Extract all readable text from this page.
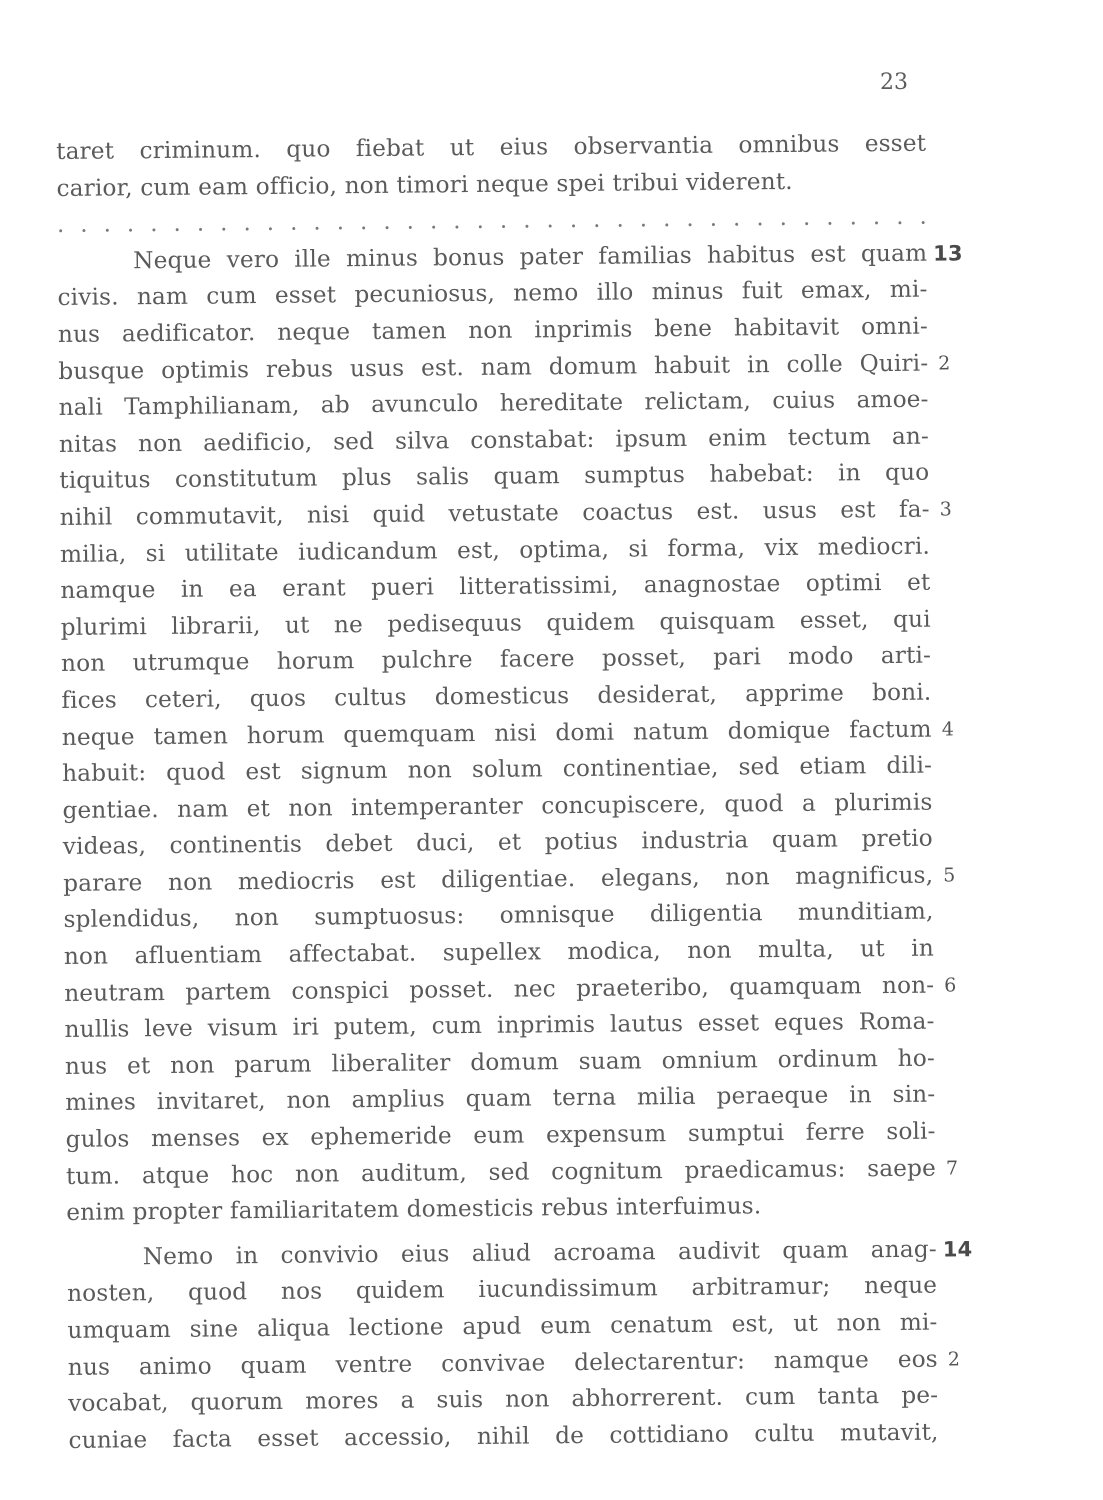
23
taret criminum. quo fiebat ut eius observantia omnibus esset
carior, cum eam officio, non timori neque spei tribui viderent.
. . . . . . . . . . . . . . . . . . . . . . . . . . . . . . . . . . . . . .
Neque vero ille minus bonus pater familias habitus est quam 13
civis. nam cum esset pecuniosus, nemo illo minus fuit emax, mi-
nus aedificator. neque tamen non inprimis bene habitavit omni-
busque optimis rebus usus est. nam domum habuit in colle Quiri- 2
nali Tamphilianam, ab avunculo hereditate relictam, cuius amoe-
nitas non aedificio, sed silva constabat: ipsum enim tectum an-
tiquitus constitutum plus salis quam sumptus habebat: in quo
nihil commutavit, nisi quid vetustate coactus est. usus est fa- 3
milia, si utilitate iudicandum est, optima, si forma, vix mediocri.
namque in ea erant pueri litteratissimi, anagnostae optimi et
plurimi librarii, ut ne pedisequus quidem quisquam esset, qui
non utrumque horum pulchre facere posset, pari modo arti-
fices ceteri, quos cultus domesticus desiderat, apprime boni.
neque tamen horum quemquam nisi domi natum domique factum 4
habuit: quod est signum non solum continentiae, sed etiam dili-
gentiae. nam et non intemperanter concupiscere, quod a plurimis
videas, continentis debet duci, et potius industria quam pretio
parare non mediocris est diligentiae. elegans, non magnificus, 5
splendidus, non sumptuosus: omnisque diligentia munditiam,
non afluentiam affectabat. supellex modica, non multa, ut in
neutram partem conspici posset. nec praeteribo, quamquam non- 6
nullis leve visum iri putem, cum inprimis lautus esset eques Roma-
nus et non parum liberaliter domum suam omnium ordinum ho-
mines invitaret, non amplius quam terna milia peraeque in sin-
gulos menses ex ephemeride eum expensum sumptui ferre soli-
tum. atque hoc non auditum, sed cognitum praedicamus: saepe 7
enim propter familiaritatem domesticis rebus interfuimus.
Nemo in convivio eius aliud acroama audivit quam anag- 14
nosten, quod nos quidem iucundissimum arbitramur; neque
umquam sine aliqua lectione apud eum cenatum est, ut non mi-
nus animo quam ventre convivae delectarentur: namque eos 2
vocabat, quorum mores a suis non abhorrerent. cum tanta pe-
cuniae facta esset accessio, nihil de cottidiano cultu mutavit,
